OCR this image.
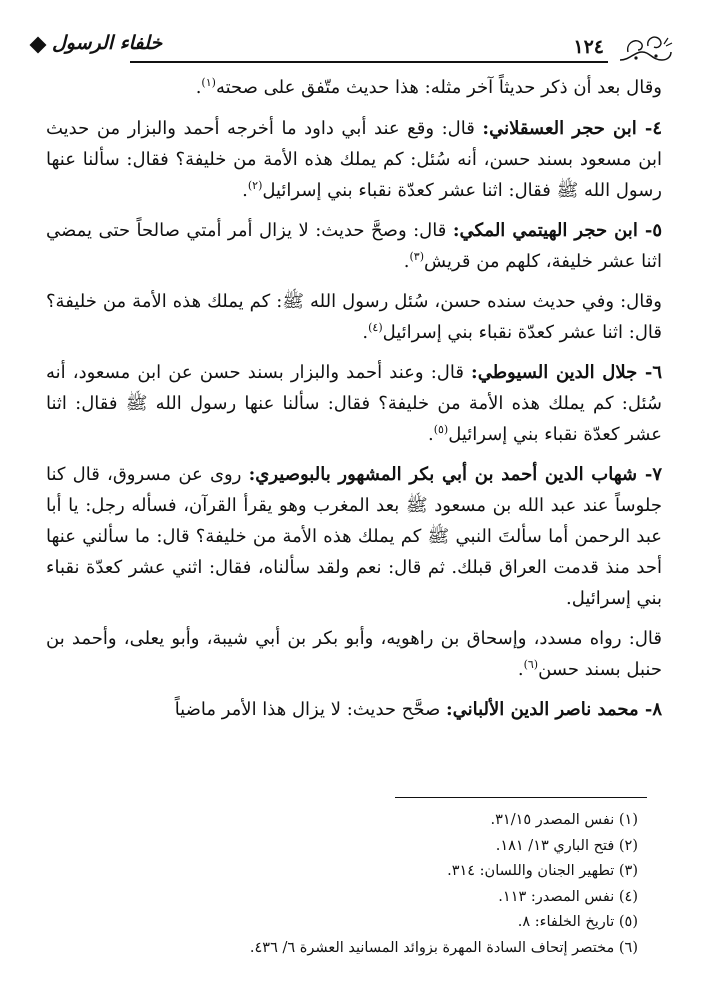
١٢٤
خلفاء الرسول

وقال بعد أن ذكر حديثاً آخر مثله: هذا حديث متّفق على صحته$^{(١)}$.

٤- ابن حجر العسقلاني: قال: وقع عند أبي داود ما أخرجه أحمد والبزار من حديث ابن مسعود بسند حسن، أنه سُئل: كم يملك هذه الأمة من خليفة؟ فقال: سألنا عنها رسول الله ﷺ فقال: اثنا عشر كعدّة نقباء بني إسرائيل$^{(٢)}$.

٥- ابن حجر الهيتمي المكي: قال: وصحَّ حديث: لا يزال أمر أمتي صالحاً حتى يمضي اثنا عشر خليفة، كلهم من قريش$^{(٣)}$.

وقال: وفي حديث سنده حسن، سُئل رسول الله ﷺ: كم يملك هذه الأمة من خليفة؟ قال: اثنا عشر كعدّة نقباء بني إسرائيل$^{(٤)}$.

٦- جلال الدين السيوطي: قال: وعند أحمد والبزار بسند حسن عن ابن مسعود، أنه سُئل: كم يملك هذه الأمة من خليفة؟ فقال: سألنا عنها رسول الله ﷺ فقال: اثنا عشر كعدّة نقباء بني إسرائيل$^{(٥)}$.

٧- شهاب الدين أحمد بن أبي بكر المشهور بالبوصيري: روى عن مسروق، قال كنا جلوساً عند عبد الله بن مسعود ﷺ بعد المغرب وهو يقرأ القرآن، فسأله رجل: يا أبا عبد الرحمن أما سألتَ النبي ﷺ كم يملك هذه الأمة من خليفة؟ قال: ما سألني عنها أحد منذ قدمت العراق قبلك. ثم قال: نعم ولقد سألناه، فقال: اثني عشر كعدّة نقباء بني إسرائيل.

قال: رواه مسدد، وإسحاق بن راهويه، وأبو بكر بن أبي شيبة، وأبو يعلى، وأحمد بن حنبل بسند حسن$^{(٦)}$.

٨- محمد ناصر الدين الألباني: صحَّح حديث: لا يزال هذا الأمر ماضياً

(١) نفس المصدر ٣١/١٥.

(٢) فتح الباري ١٣/ ١٨١.

(٣) تطهير الجنان واللسان: ٣١٤.

(٤) نفس المصدر: ١١٣.

(٥) تاريخ الخلفاء: ٨.

(٦) مختصر إتحاف السادة المهرة بزوائد المسانيد العشرة ٦/ ٤٣٦.
